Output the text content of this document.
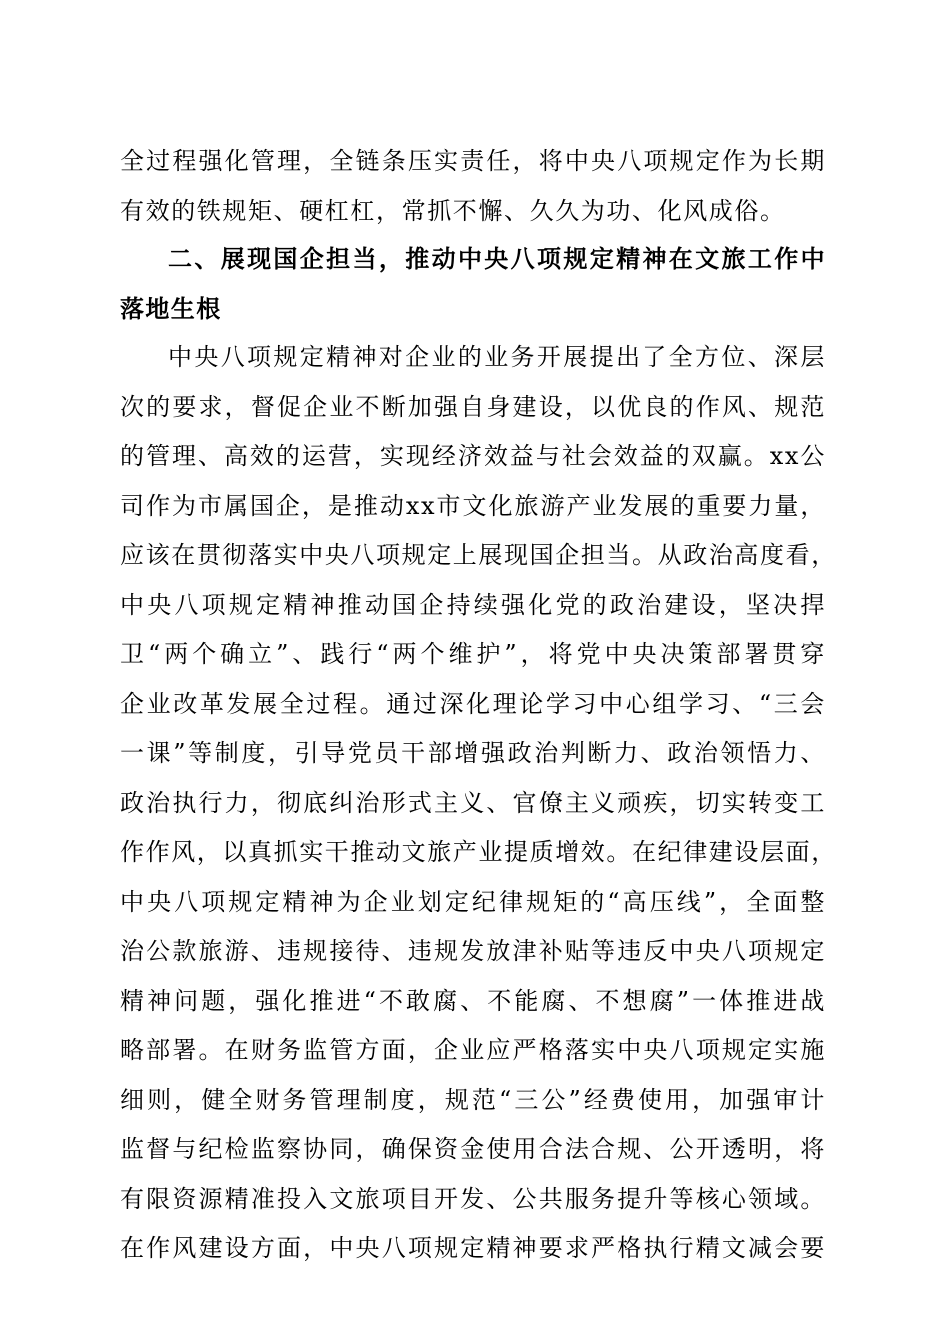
全过程强化管理，全链条压实责任，将中央八项规定作为长期
有效的铁规矩、硬杠杠，常抓不懈、久久为功、化风成俗。
二、展现国企担当，推动中央八项规定精神在文旅工作中
落地生根
中央八项规定精神对企业的业务开展提出了全方位、深层
次的要求，督促企业不断加强自身建设，以优良的作风、规范
的管理、高效的运营，实现经济效益与社会效益的双赢。xx公
司作为市属国企，是推动xx市文化旅游产业发展的重要力量，
应该在贯彻落实中央八项规定上展现国企担当。从政治高度看，
中央八项规定精神推动国企持续强化党的政治建设，坚决捍
卫“两个确立”、践行“两个维护”，将党中央决策部署贯穿
企业改革发展全过程。通过深化理论学习中心组学习、“三会
一课”等制度，引导党员干部增强政治判断力、政治领悟力、
政治执行力，彻底纠治形式主义、官僚主义顽疾，切实转变工
作作风，以真抓实干推动文旅产业提质增效。在纪律建设层面，
中央八项规定精神为企业划定纪律规矩的“高压线”，全面整
治公款旅游、违规接待、违规发放津补贴等违反中央八项规定
精神问题，强化推进“不敢腐、不能腐、不想腐”一体推进战
略部署。在财务监管方面，企业应严格落实中央八项规定实施
细则，健全财务管理制度，规范“三公”经费使用，加强审计
监督与纪检监察协同，确保资金使用合法合规、公开透明，将
有限资源精准投入文旅项目开发、公共服务提升等核心领域。
在作风建设方面，中央八项规定精神要求严格执行精文减会要
